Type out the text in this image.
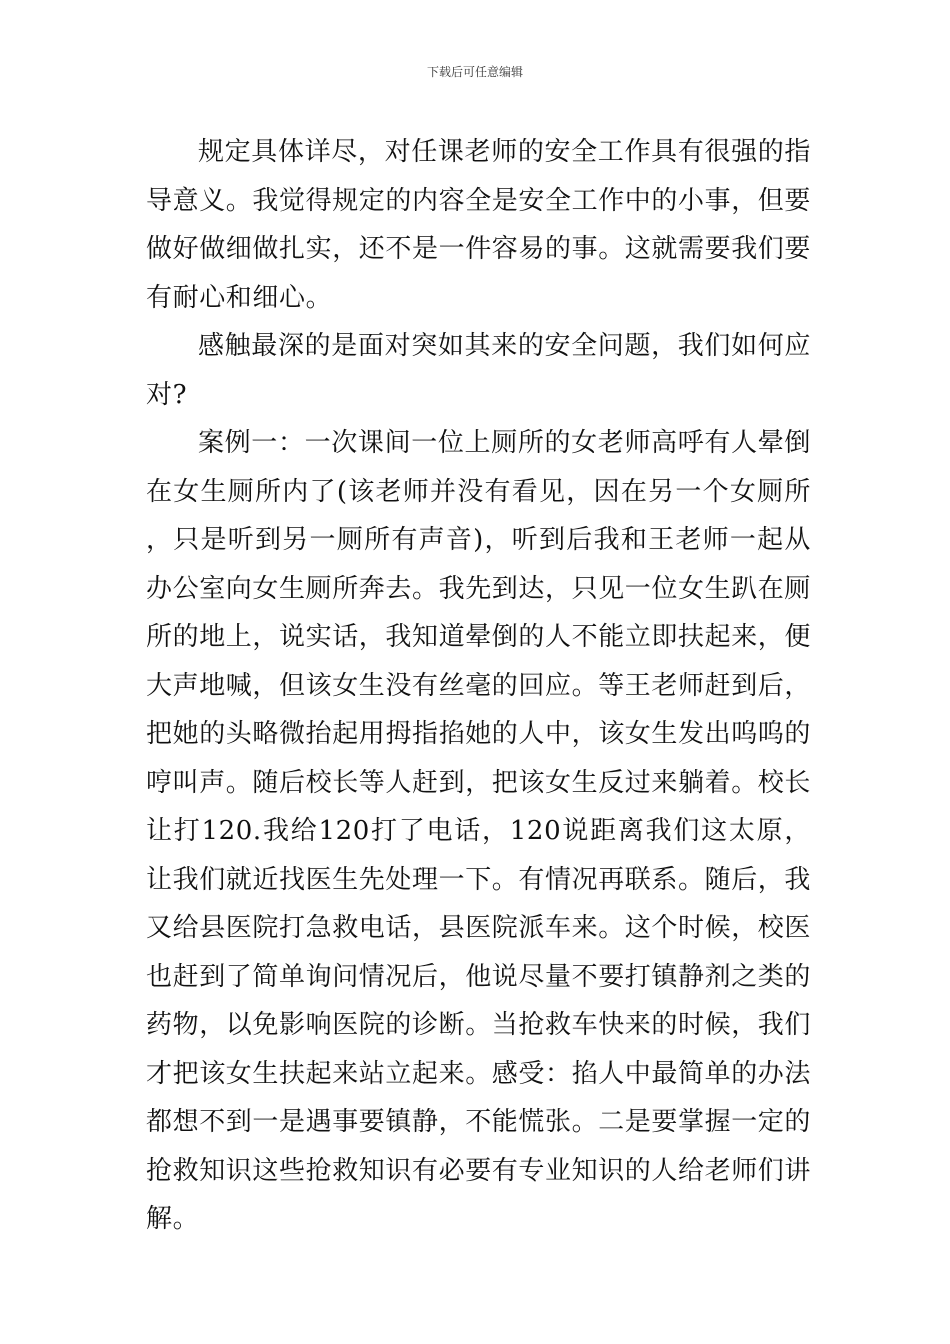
下载后可任意编辑

规定具体详尽，对任课老师的安全工作具有很强的指导意义。我觉得规定的内容全是安全工作中的小事，但要做好做细做扎实，还不是一件容易的事。这就需要我们要有耐心和细心。

感触最深的是面对突如其来的安全问题，我们如何应对?

案例一：一次课间一位上厕所的女老师高呼有人晕倒在女生厕所内了(该老师并没有看见，因在另一个女厕所，只是听到另一厕所有声音)，听到后我和王老师一起从办公室向女生厕所奔去。我先到达，只见一位女生趴在厕所的地上，说实话，我知道晕倒的人不能立即扶起来，便大声地喊，但该女生没有丝毫的回应。等王老师赶到后，把她的头略微抬起用拇指掐她的人中，该女生发出呜呜的哼叫声。随后校长等人赶到，把该女生反过来躺着。校长让打120.我给120打了电话，120说距离我们这太原，让我们就近找医生先处理一下。有情况再联系。随后，我又给县医院打急救电话，县医院派车来。这个时候，校医也赶到了简单询问情况后，他说尽量不要打镇静剂之类的药物，以免影响医院的诊断。当抢救车快来的时候，我们才把该女生扶起来站立起来。感受：掐人中最简单的办法都想不到一是遇事要镇静，不能慌张。二是要掌握一定的抢救知识这些抢救知识有必要有专业知识的人给老师们讲解。
